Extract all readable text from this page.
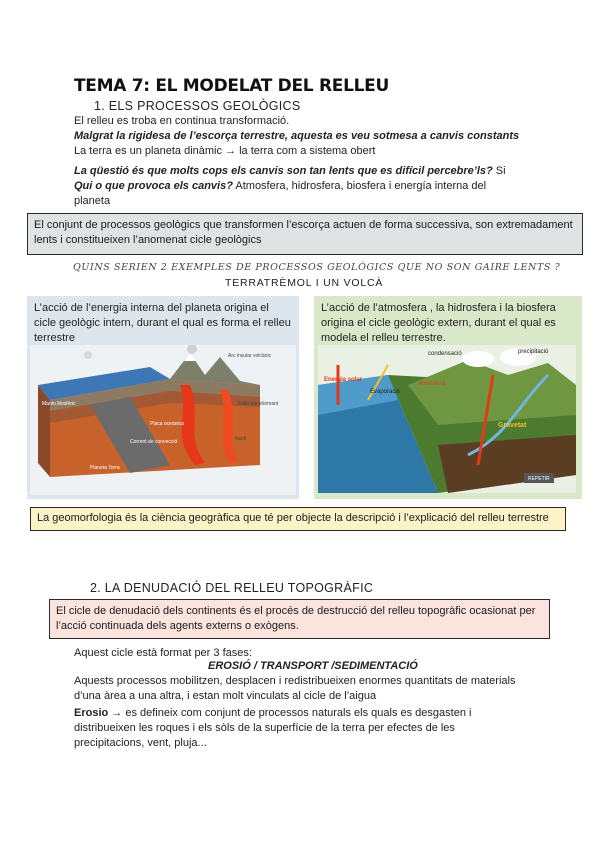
TEMA 7: EL MODELAT DEL RELLEU
1. ELS PROCESSOS GEOLÒGICS
El relleu es troba en continua transformació.
Malgrat la rigidesa de l’escorça terrestre, aquesta es veu sotmesa a canvis constants
La terra es un planeta dinàmic → la terra com a sistema obert
La qüestió és que molts cops els canvis son tan lents que es difícil percebre’ls? Si
Qui o que provoca els canvis? Atmosfera, hidrosfera, biosfera i energía interna del
planeta
El conjunt de processos geològics que transformen l’escorça actuen de forma successiva, son extremadament lents i constitueixen l’anomenat cicle geològics
QUINS SERIEN 2 EXEMPLES DE PROCESSOS GEOLÒGICS QUE NO SON GAIRE LENTS ?
TERRATRÈMOL I UN VOLCÀ
L’acció de l’energia interna del planeta origina el cicle geològic intern, durant el qual es forma el relleu terrestre
Arc insular volcànic
Falla transformant
Placa oceànica
Manto litosfèric
Corrent de convecció	Nucli
Planeta Terra
L’acció de l’atmosfera , la hidrosfera i la biosfera origina el cicle geològic extern, durant el qual es modela el relleu terrestre.
condensació	precipitació
Energia solar
Evaporació
Atmosfera
Gravetat
REPETIR
La geomorfologia és la ciència geogràfica que té per objecte la descripció i l’explicació del relleu terrestre
2. LA DENUDACIÓ DEL RELLEU TOPOGRÀFIC
El cicle de denudació dels continents és el procés de destrucció del relleu topogràfic ocasionat per l’acció continuada dels agents externs o exògens.
Aquest cicle està format per 3 fases:
EROSIÓ / TRANSPORT /SEDIMENTACIÓ
Aquests processos mobilitzen, desplacen i redistribueixen enormes quantitats de materials d’una àrea a una altra, i estan molt vinculats al cicle de l’aigua
Erosio → es defineix com conjunt de processos naturals els quals es desgasten i distribueixen les roques i els sòls de la superfície de la terra per efectes de les precipitacions, vent, pluja...
